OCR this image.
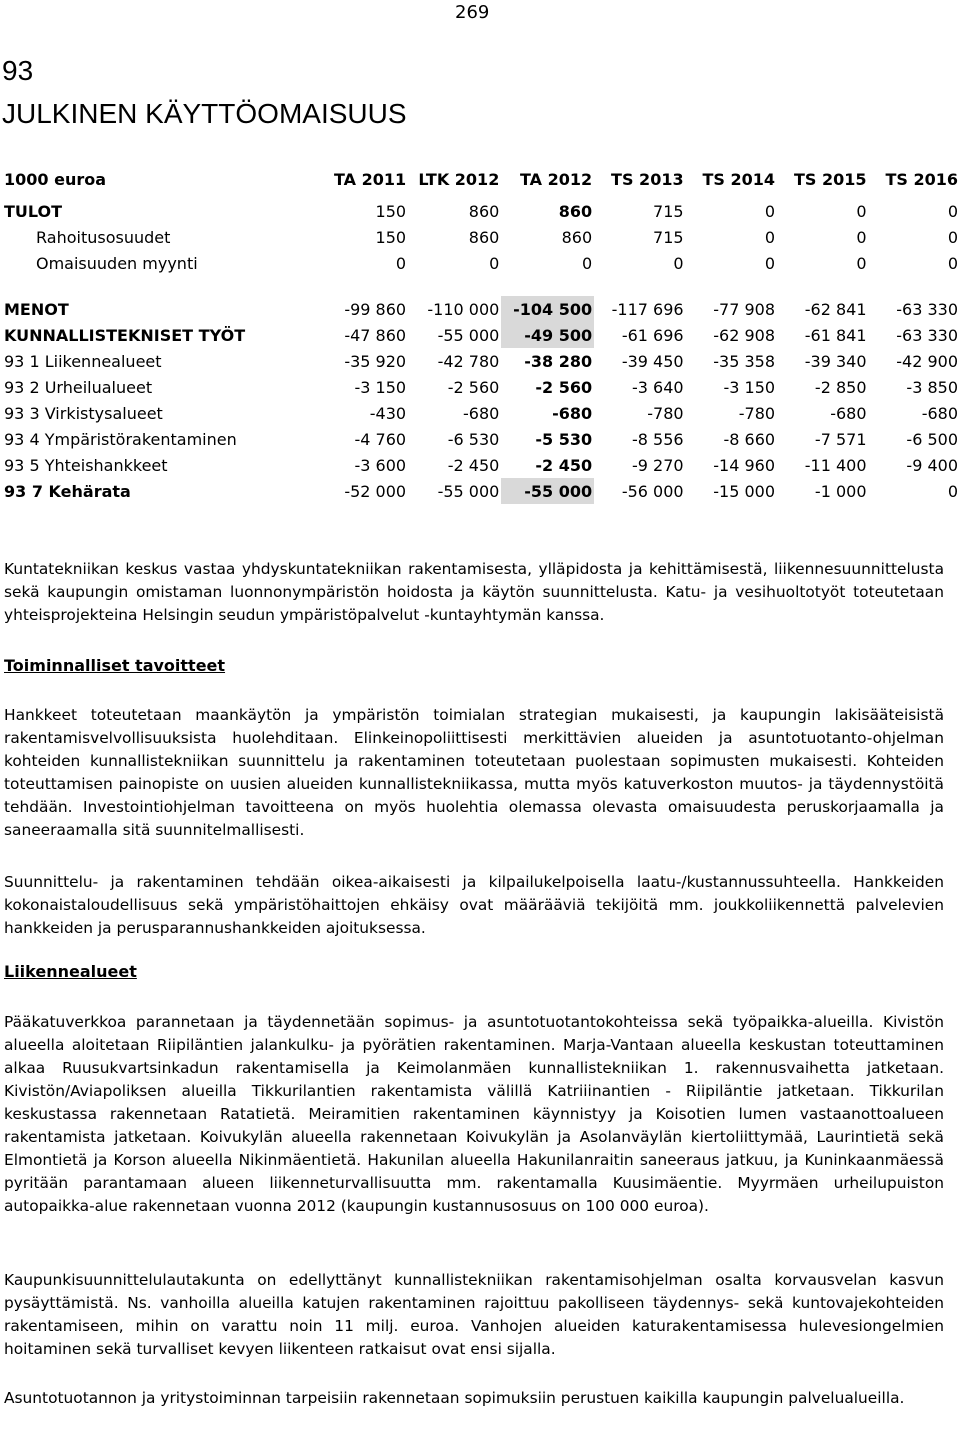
269
93
JULKINEN KÄYTTÖOMAISUUS
1000 euroa	TA 2011	LTK 2012	TA 2012	TS 2013	TS 2014	TS 2015	TS 2016
TULOT	150	860	860	715	0	0	0
Rahoitusosuudet	150	860	860	715	0	0	0
Omaisuuden myynti	0	0	0	0	0	0	0

MENOT	-99 860	-110 000	-104 500	-117 696	-77 908	-62 841	-63 330
KUNNALLISTEKNISET TYÖT	-47 860	-55 000	-49 500	-61 696	-62 908	-61 841	-63 330
93 1 Liikennealueet	-35 920	-42 780	-38 280	-39 450	-35 358	-39 340	-42 900
93 2 Urheilualueet	-3 150	-2 560	-2 560	-3 640	-3 150	-2 850	-3 850
93 3 Virkistysalueet	-430	-680	-680	-780	-780	-680	-680
93 4 Ympäristörakentaminen	-4 760	-6 530	-5 530	-8 556	-8 660	-7 571	-6 500
93 5 Yhteishankkeet	-3 600	-2 450	-2 450	-9 270	-14 960	-11 400	-9 400
93 7 Kehärata	-52 000	-55 000	-55 000	-56 000	-15 000	-1 000	0
Kuntatekniikan keskus vastaa yhdyskuntatekniikan rakentamisesta, ylläpidosta ja kehittämisestä, liikennesuunnittelusta sekä kaupungin omistaman luonnonympäristön hoidosta ja käytön suunnittelusta. Katu- ja vesihuoltotyöt toteutetaan yhteisprojekteina Helsingin seudun ympäristöpalvelut -kuntayhtymän kanssa.
Toiminnalliset tavoitteet
Hankkeet toteutetaan maankäytön ja ympäristön toimialan strategian mukaisesti, ja kaupungin lakisääteisistä rakentamisvelvollisuuksista huolehditaan. Elinkeinopoliittisesti merkittävien alueiden ja asuntotuotanto-ohjelman kohteiden kunnallistekniikan suunnittelu ja rakentaminen toteutetaan puolestaan sopimusten mukaisesti. Kohteiden toteuttamisen painopiste on uusien alueiden kunnallistekniikassa, mutta myös katuverkoston muutos- ja täydennystöitä tehdään. Investointiohjelman tavoitteena on myös huolehtia olemassa olevasta omaisuudesta peruskorjaamalla ja saneeraamalla sitä suunnitelmallisesti.
Suunnittelu- ja rakentaminen tehdään oikea-aikaisesti ja kilpailukelpoisella laatu-/kustannussuhteella. Hankkeiden kokonaistaloudellisuus sekä ympäristöhaittojen ehkäisy ovat määrääviä tekijöitä mm. joukkoliikennettä palvelevien hankkeiden ja perusparannushankkeiden ajoituksessa.
Liikennealueet
Pääkatuverkkoa parannetaan ja täydennetään sopimus- ja asuntotuotantokohteissa sekä työpaikka-alueilla. Kivistön alueella aloitetaan Riipiläntien jalankulku- ja pyörätien rakentaminen. Marja-Vantaan alueella keskustan toteuttaminen alkaa Ruusukvartsinkadun rakentamisella ja Keimolanmäen kunnallistekniikan 1. rakennusvaihetta jatketaan. Kivistön/Aviapoliksen alueilla Tikkurilantien rakentamista välillä Katriiinantien - Riipiläntie jatketaan. Tikkurilan keskustassa rakennetaan Ratatietä. Meiramitien rakentaminen käynnistyy ja Koisotien lumen vastaanottoalueen rakentamista jatketaan. Koivukylän alueella rakennetaan Koivukylän ja Asolanväylän kiertoliittymää, Laurintietä sekä Elmontietä ja Korson alueella Nikinmäentietä. Hakunilan alueella Hakunilanraitin saneeraus jatkuu, ja Kuninkaanmäessä pyritään parantamaan alueen liikenneturvallisuutta mm. rakentamalla Kuusimäentie. Myyrmäen urheilupuiston autopaikka-alue rakennetaan vuonna 2012 (kaupungin kustannusosuus on 100 000 euroa).
Kaupunkisuunnittelulautakunta on edellyttänyt kunnallistekniikan rakentamisohjelman osalta korvausvelan kasvun pysäyttämistä. Ns. vanhoilla alueilla katujen rakentaminen rajoittuu pakolliseen täydennys- sekä kuntovajekohteiden rakentamiseen, mihin on varattu noin 11 milj. euroa. Vanhojen alueiden katurakentamisessa hulevesiongelmien hoitaminen sekä turvalliset kevyen liikenteen ratkaisut ovat ensi sijalla.
Asuntotuotannon ja yritystoiminnan tarpeisiin rakennetaan sopimuksiin perustuen kaikilla kaupungin palvelualueilla.
